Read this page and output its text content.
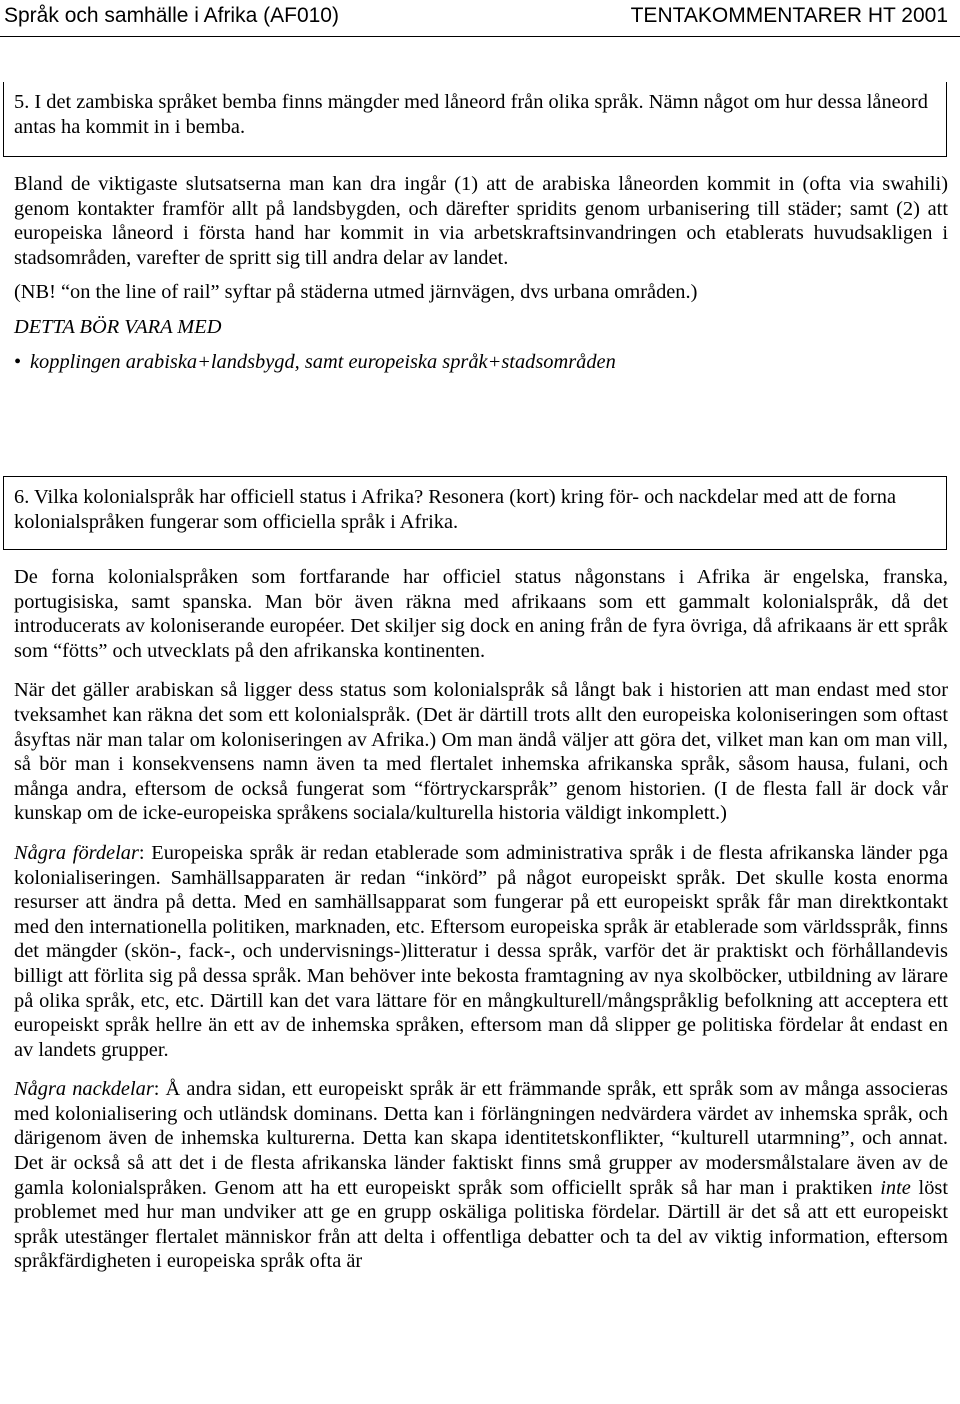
Språk och samhälle i Afrika (AF010)	TENTAKOMMENTARER HT 2001

5. I det zambiska språket bemba finns mängder med låneord från olika språk. Nämn något om hur dessa låneord antas ha kommit in i bemba.

Bland de viktigaste slutsatserna man kan dra ingår (1) att de arabiska låneorden kommit in (ofta via swahili) genom kontakter framför allt på landsbygden, och därefter spridits genom urbanisering till städer; samt (2) att europeiska låneord i första hand har kommit in via arbetskraftsinvandringen och etablerats huvudsakligen i stadsområden, varefter de spritt sig till andra delar av landet.

(NB! “on the line of rail” syftar på städerna utmed järnvägen, dvs urbana områden.)

DETTA BÖR VARA MED

• kopplingen arabiska+landsbygd, samt europeiska språk+stadsområden

6. Vilka kolonialspråk har officiell status i Afrika? Resonera (kort) kring för- och nackdelar med att de forna kolonialspråken fungerar som officiella språk i Afrika.

De forna kolonialspråken som fortfarande har officiel status någonstans i Afrika är engelska, franska, portugisiska, samt spanska. Man bör även räkna med afrikaans som ett gammalt kolonialspråk, då det introducerats av koloniserande européer. Det skiljer sig dock en aning från de fyra övriga, då afrikaans är ett språk som “fötts” och utvecklats på den afrikanska kontinenten.

När det gäller arabiskan så ligger dess status som kolonialspråk så långt bak i historien att man endast med stor tveksamhet kan räkna det som ett kolonialspråk. (Det är därtill trots allt den europeiska koloniseringen som oftast åsyftas när man talar om koloniseringen av Afrika.) Om man ändå väljer att göra det, vilket man kan om man vill, så bör man i konsekvensens namn även ta med flertalet inhemska afrikanska språk, såsom hausa, fulani, och många andra, eftersom de också fungerat som “förtryckarspråk” genom historien. (I de flesta fall är dock vår kunskap om de icke-europeiska språkens sociala/kulturella historia väldigt inkomplett.)

Några fördelar: Europeiska språk är redan etablerade som administrativa språk i de flesta afrikanska länder pga kolonialiseringen. Samhällsapparaten är redan “inkörd” på något europeiskt språk. Det skulle kosta enorma resurser att ändra på detta. Med en samhällsapparat som fungerar på ett europeiskt språk får man direktkontakt med den internationella politiken, marknaden, etc. Eftersom europeiska språk är etablerade som världsspråk, finns det mängder (skön-, fack-, och undervisnings-)litteratur i dessa språk, varför det är praktiskt och förhållandevis billigt att förlita sig på dessa språk. Man behöver inte bekosta framtagning av nya skolböcker, utbildning av lärare på olika språk, etc, etc. Därtill kan det vara lättare för en mångkulturell/mångspråklig befolkning att acceptera ett europeiskt språk hellre än ett av de inhemska språken, eftersom man då slipper ge politiska fördelar åt endast en av landets grupper.

Några nackdelar: Å andra sidan, ett europeiskt språk är ett främmande språk, ett språk som av många associeras med kolonialisering och utländsk dominans. Detta kan i förlängningen nedvärdera värdet av inhemska språk, och därigenom även de inhemska kulturerna. Detta kan skapa identitetskonflikter, “kulturell utarmning”, och annat. Det är också så att det i de flesta afrikanska länder faktiskt finns små grupper av modersmålstalare även av de gamla kolonialspråken. Genom att ha ett europeiskt språk som officiellt språk så har man i praktiken inte löst problemet med hur man undviker att ge en grupp oskäliga politiska fördelar. Därtill är det så att ett europeiskt språk utestänger flertalet människor från att delta i offentliga debatter och ta del av viktig information, eftersom språkfärdigheten i europeiska språk ofta är
